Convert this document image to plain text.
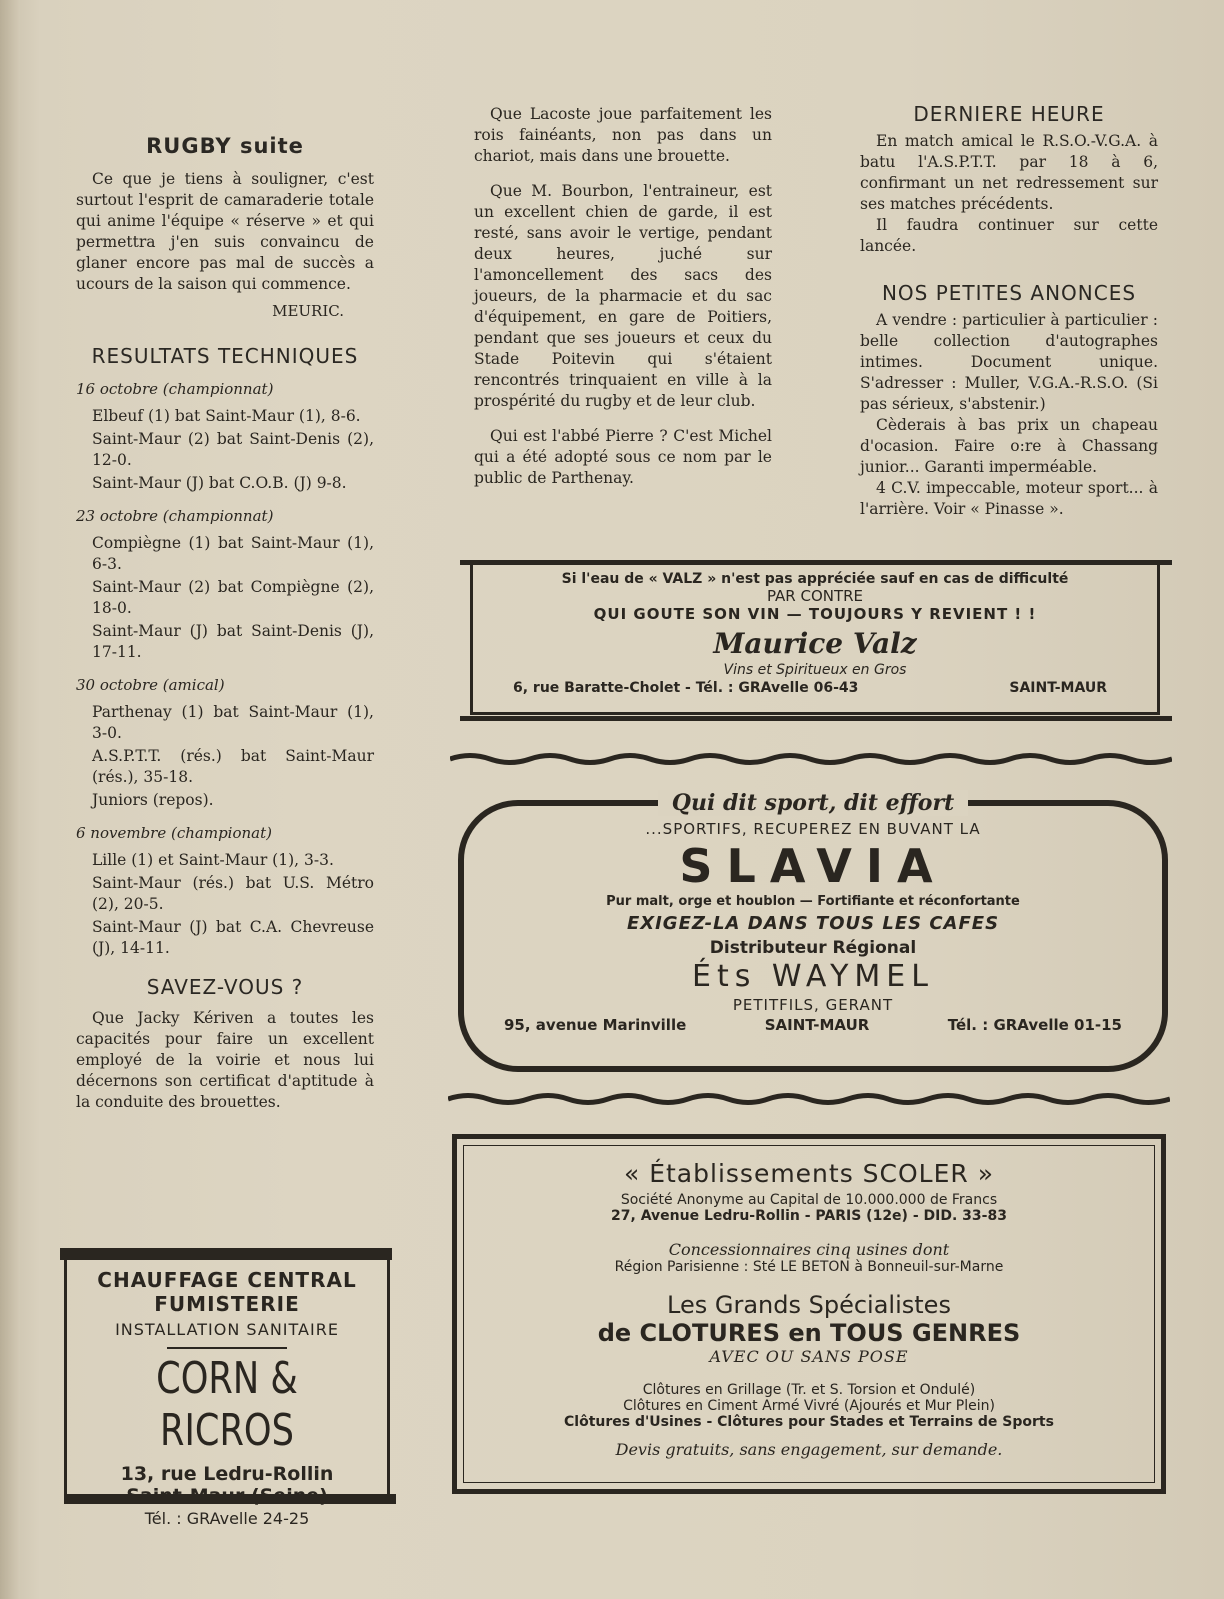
RUGBY suite

Ce que je tiens à souligner, c'est surtout l'esprit de camaraderie totale qui anime l'équipe « réserve » et qui permettra j'en suis convaincu de glaner encore pas mal de succès a ucours de la saison qui commence.

MEURIC.
RESULTATS TECHNIQUES
16 octobre (championnat)

Elbeuf (1) bat Saint-Maur (1), 8-6.

Saint-Maur (2) bat Saint-Denis (2), 12-0.

Saint-Maur (J) bat C.O.B. (J) 9-8.

23 octobre (championnat)

Compiègne (1) bat Saint-Maur (1), 6-3.

Saint-Maur (2) bat Compiègne (2), 18-0.

Saint-Maur (J) bat Saint-Denis (J), 17-11.

30 octobre (amical)

Parthenay (1) bat Saint-Maur (1), 3-0.

A.S.P.T.T. (rés.) bat Saint-Maur (rés.), 35-18.

Juniors (repos).

6 novembre (championat)

Lille (1) et Saint-Maur (1), 3-3.

Saint-Maur (rés.) bat U.S. Métro (2), 20-5.

Saint-Maur (J) bat C.A. Chevreuse (J), 14-11.

SAVEZ-VOUS ?

Que Jacky Kériven a toutes les capacités pour faire un excellent employé de la voirie et nous lui décernons son certificat d'aptitude à la conduite des brouettes.

Que Lacoste joue parfaitement les rois fainéants, non pas dans un chariot, mais dans une brouette.

Que M. Bourbon, l'entraineur, est un excellent chien de garde, il est resté, sans avoir le vertige, pendant deux heures, juché sur l'amoncellement des sacs des joueurs, de la pharmacie et du sac d'équipement, en gare de Poitiers, pendant que ses joueurs et ceux du Stade Poitevin qui s'étaient rencontrés trinquaient en ville à la prospérité du rugby et de leur club.

Qui est l'abbé Pierre ? C'est Michel qui a été adopté sous ce nom par le public de Parthenay.

DERNIERE HEURE

En match amical le R.S.O.-V.G.A. à batu l'A.S.P.T.T. par 18 à 6, confirmant un net redressement sur ses matches précédents.

Il faudra continuer sur cette lancée.

NOS PETITES ANONCES

A vendre : particulier à particulier : belle collection d'autographes intimes. Document unique. S'adresser : Muller, V.G.A.-R.S.O. (Si pas sérieux, s'abstenir.)

Cèderais à bas prix un chapeau d'ocasion. Faire o:re à Chassang junior... Garanti imperméable.

4 C.V. impeccable, moteur sport... à l'arrière. Voir « Pinasse ».

Si l'eau de « VALZ » n'est pas appréciée sauf en cas de difficulté
PAR CONTRE
QUI GOUTE SON VIN — TOUJOURS Y REVIENT ! !
Maurice Valz
Vins et Spiritueux en Gros
6, rue Baratte-Cholet - Tél. : GRAvelle 06-43	SAINT-MAUR
Qui dit sport, dit effort
...SPORTIFS, RECUPEREZ EN BUVANT LA
SLAVIA
Pur malt, orge et houblon — Fortifiante et réconfortante
EXIGEZ-LA DANS TOUS LES CAFES
Distributeur Régional
Éts WAYMEL
PETITFILS, GERANT
95, avenue Marinville	SAINT-MAUR	Tél. : GRAvelle 01-15
« Établissements SCOLER »
Société Anonyme au Capital de 10.000.000 de Francs
27, Avenue Ledru-Rollin - PARIS (12e) - DID. 33-83
Concessionnaires cinq usines dont
Région Parisienne : Sté LE BETON à Bonneuil-sur-Marne
Les Grands Spécialistes
de CLOTURES en TOUS GENRES
AVEC OU SANS POSE
Clôtures en Grillage (Tr. et S. Torsion et Ondulé)
Clôtures en Ciment Armé Vivré (Ajourés et Mur Plein)
Clôtures d'Usines - Clôtures pour Stades et Terrains de Sports
Devis gratuits, sans engagement, sur demande.
CHAUFFAGE CENTRAL
FUMISTERIE
INSTALLATION SANITAIRE
CORN & RICROS
13, rue Ledru-Rollin
Tél. : GRAvelle 24-25
